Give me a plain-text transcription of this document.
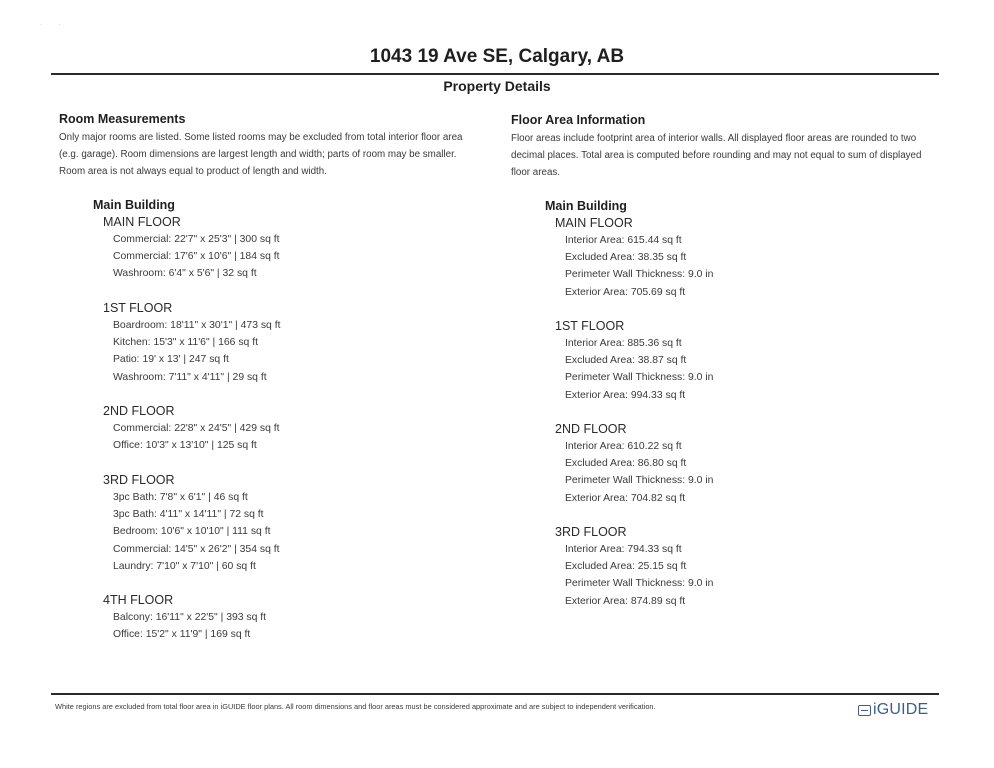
·          ·
1043 19 Ave SE, Calgary, AB
Property Details
Room Measurements
Only major rooms are listed. Some listed rooms may be excluded from total interior floor area
(e.g. garage). Room dimensions are largest length and width; parts of room may be smaller.
Room area is not always equal to product of length and width.
Main Building
MAIN FLOOR
Commercial: 22'7" x 25'3" | 300 sq ft
Commercial: 17'6" x 10'6" | 184 sq ft
Washroom: 6'4" x 5'6" | 32 sq ft
1ST FLOOR
Boardroom: 18'11" x 30'1" | 473 sq ft
Kitchen: 15'3" x 11'6" | 166 sq ft
Patio: 19' x 13' | 247 sq ft
Washroom: 7'11" x 4'11" | 29 sq ft
2ND FLOOR
Commercial: 22'8" x 24'5" | 429 sq ft
Office: 10'3" x 13'10" | 125 sq ft
3RD FLOOR
3pc Bath: 7'8" x 6'1" | 46 sq ft
3pc Bath: 4'11" x 14'11" | 72 sq ft
Bedroom: 10'6" x 10'10" | 111 sq ft
Commercial: 14'5" x 26'2" | 354 sq ft
Laundry: 7'10" x 7'10" | 60 sq ft
4TH FLOOR
Balcony: 16'11" x 22'5" | 393 sq ft
Office: 15'2" x 11'9" | 169 sq ft
Floor Area Information
Floor areas include footprint area of interior walls. All displayed floor areas are rounded to two
decimal places. Total area is computed before rounding and may not equal to sum of displayed
floor areas.
Main Building
MAIN FLOOR
Interior Area: 615.44 sq ft
Excluded Area: 38.35 sq ft
Perimeter Wall Thickness: 9.0 in
Exterior Area: 705.69 sq ft
1ST FLOOR
Interior Area: 885.36 sq ft
Excluded Area: 38.87 sq ft
Perimeter Wall Thickness: 9.0 in
Exterior Area: 994.33 sq ft
2ND FLOOR
Interior Area: 610.22 sq ft
Excluded Area: 86.80 sq ft
Perimeter Wall Thickness: 9.0 in
Exterior Area: 704.82 sq ft
3RD FLOOR
Interior Area: 794.33 sq ft
Excluded Area: 25.15 sq ft
Perimeter Wall Thickness: 9.0 in
Exterior Area: 874.89 sq ft
White regions are excluded from total floor area in iGUIDE floor plans. All room dimensions and floor areas must be considered approximate and are subject to independent verification.	iGUIDE
